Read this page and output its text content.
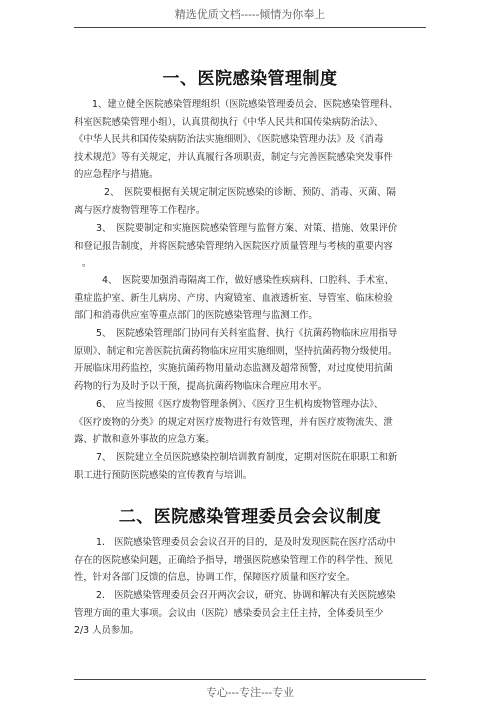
精选优质文档-----倾情为你奉上
一、医院感染管理制度
1、建立健全医院感染管理组织（医院感染管理委员会、医院感染管理科、
科室医院感染管理小组），认真贯彻执行《中华人民共和国传染病防治法》、
《中华人民共和国传染病防治法实施细则》、《医院感染管理办法》及《消毒
技术规范》等有关规定，并认真履行各项职责，制定与完善医院感染突发事件
的应急程序与措施。
2、　医院要根据有关规定制定医院感染的诊断、预防、消毒、灭菌、隔
离与医疗废物管理等工作程序。
3、　医院要制定和实施医院感染管理与监督方案、对策、措施、效果评价
和登记报告制度，并将医院感染管理纳入医院医疗质量管理与考核的重要内容
。
4、　医院要加强消毒隔离工作，做好感染性疾病科、口腔科、手术室、
重症监护室、新生儿病房、产房、内窥镜室、血液透析室、导管室、临床检验
部门和消毒供应室等重点部门的医院感染管理与监测工作。
5、　医院感染管理部门协同有关科室监督、执行《抗菌药物临床应用指导
原则》、制定和完善医院抗菌药物临床应用实施细则，坚持抗菌药物分级使用。
开展临床用药监控，实施抗菌药物用量动态监测及超常预警，对过度使用抗菌
药物的行为及时予以干预，提高抗菌药物临床合理应用水平。
6、　应当按照《医疗废物管理条例》、《医疗卫生机构废物管理办法》、
《医疗废物的分类》的规定对医疗废物进行有效管理，并有医疗废物流失、泄
露、扩散和意外事故的应急方案。
7、　医院建立全员医院感染控制培训教育制度，定期对医院在职职工和新
职工进行预防医院感染的宣传教育与培训。
二、医院感染管理委员会会议制度
1.　医院感染管理委员会会议召开的目的，是及时发现医院在医疗活动中
存在的医院感染问题，正确给予指导，增强医院感染管理工作的科学性、预见
性，针对各部门反馈的信息，协调工作，保障医疗质量和医疗安全。
2.　医院感染管理委员会召开两次会议，研究、协调和解决有关医院感染
管理方面的重大事项。会议由（医院）感染委员会主任主持，全体委员至少
2/3 人员参加。
专心---专注---专业
